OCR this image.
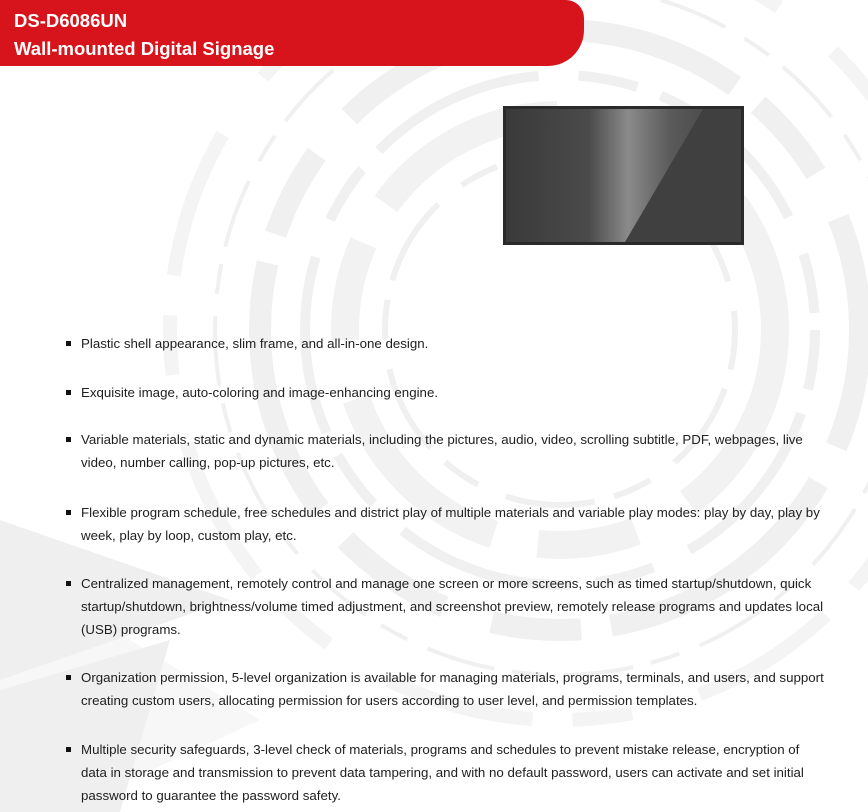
DS-D6086UN
Wall-mounted Digital Signage
Plastic shell appearance, slim frame, and all-in-one design.
Exquisite image, auto-coloring and image-enhancing engine.
Variable materials, static and dynamic materials, including the pictures, audio, video, scrolling subtitle, PDF, webpages, live video, number calling, pop-up pictures, etc.
Flexible program schedule, free schedules and district play of multiple materials and variable play modes: play by day, play by week, play by loop, custom play, etc.
Centralized management, remotely control and manage one screen or more screens, such as timed startup/shutdown, quick startup/shutdown, brightness/volume timed adjustment, and screenshot preview, remotely release programs and updates local (USB) programs.
Organization permission, 5-level organization is available for managing materials, programs, terminals, and users, and support creating custom users, allocating permission for users according to user level, and permission templates.
Multiple security safeguards, 3-level check of materials, programs and schedules to prevent mistake release, encryption of data in storage and transmission to prevent data tampering, and with no default password, users can activate and set initial password to guarantee the password safety.
